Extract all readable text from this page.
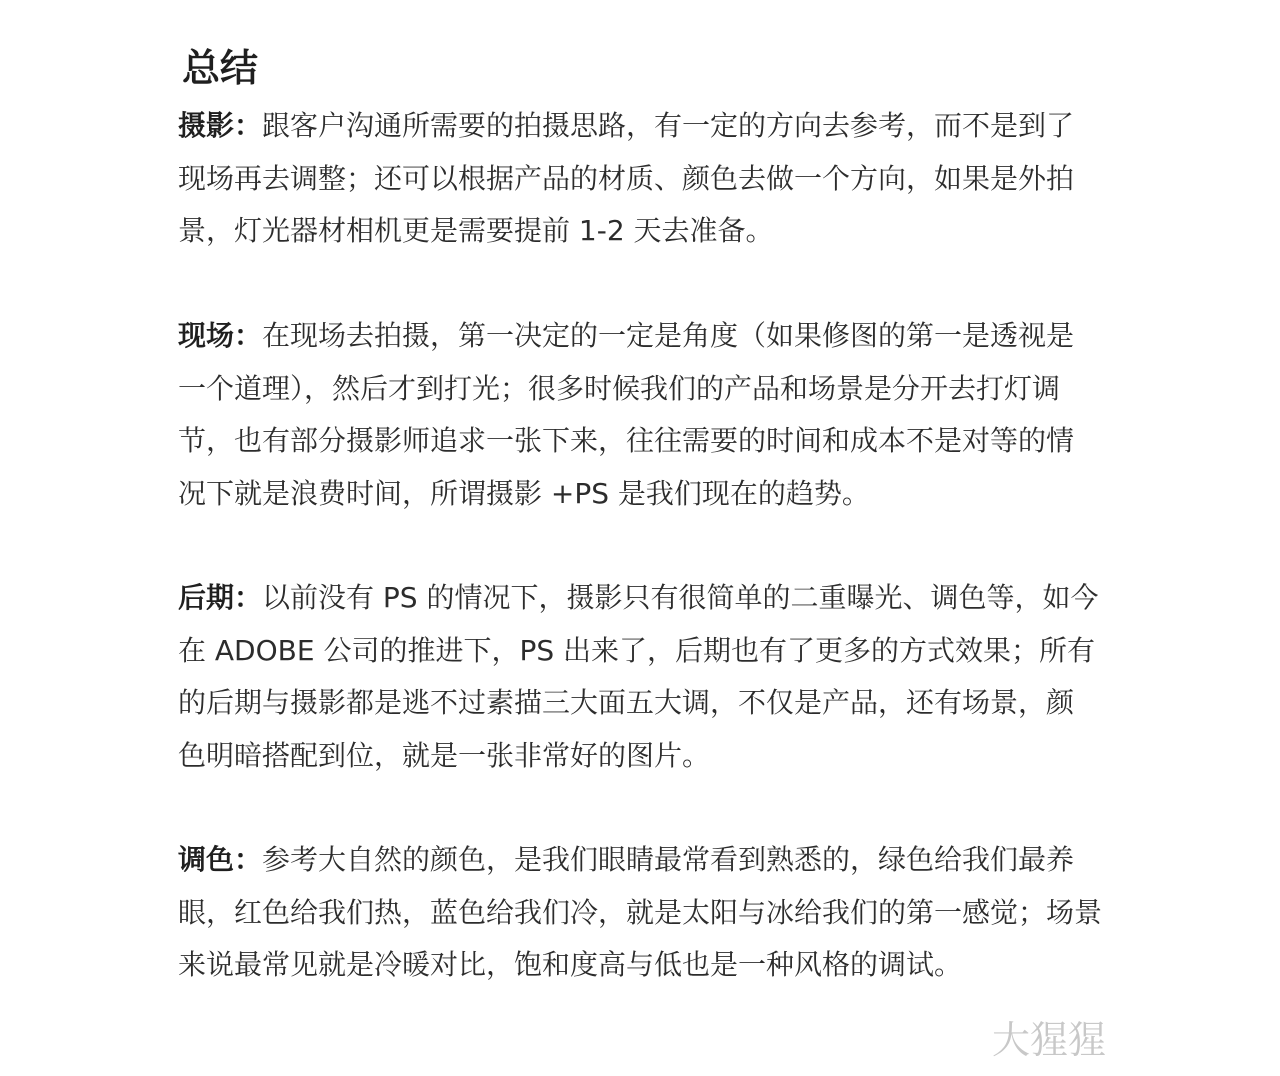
总结
摄影：跟客户沟通所需要的拍摄思路，有一定的方向去参考，而不是到了
现场再去调整；还可以根据产品的材质、颜色去做一个方向，如果是外拍
景，灯光器材相机更是需要提前 1-2 天去准备。
现场：在现场去拍摄，第一决定的一定是角度（如果修图的第一是透视是
一个道理），然后才到打光；很多时候我们的产品和场景是分开去打灯调
节，也有部分摄影师追求一张下来，往往需要的时间和成本不是对等的情
况下就是浪费时间，所谓摄影 +PS 是我们现在的趋势。
后期：以前没有 PS 的情况下，摄影只有很简单的二重曝光、调色等，如今
在 ADOBE 公司的推进下，PS 出来了，后期也有了更多的方式效果；所有
的后期与摄影都是逃不过素描三大面五大调，不仅是产品，还有场景，颜
色明暗搭配到位，就是一张非常好的图片。
调色：参考大自然的颜色，是我们眼睛最常看到熟悉的，绿色给我们最养
眼，红色给我们热，蓝色给我们冷，就是太阳与冰给我们的第一感觉；场景
来说最常见就是冷暖对比，饱和度高与低也是一种风格的调试。
大猩猩
